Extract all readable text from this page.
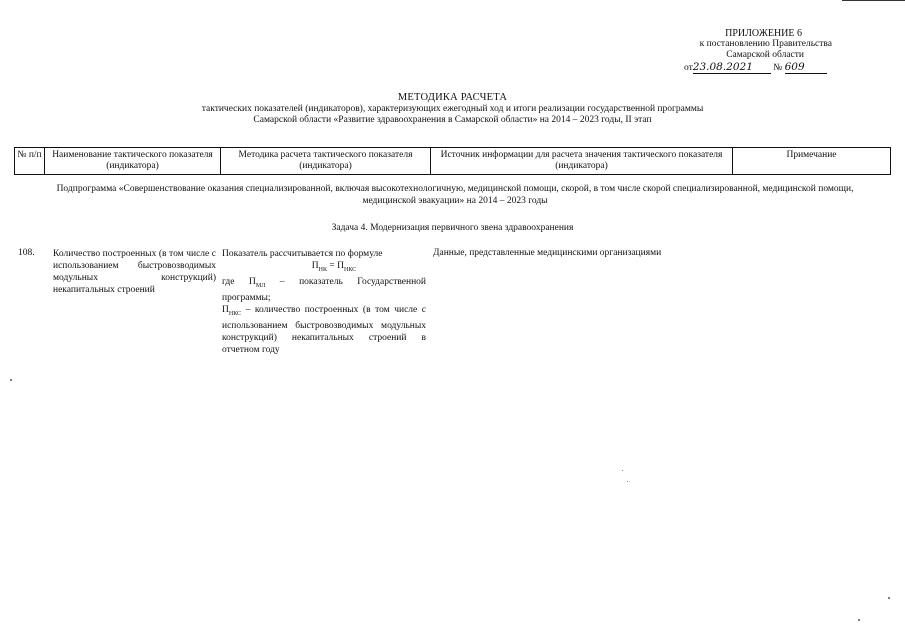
ПРИЛОЖЕНИЕ 6
к постановлению Правительства
Самарской области
от23.08.2021 № 609
МЕТОДИКА РАСЧЕТА
тактических показателей (индикаторов), характеризующих ежегодный ход и итоги реализации государственной программы
Самарской области «Развитие здравоохранения в Самарской области» на 2014 – 2023 годы, II этап
№ п/п	Наименование тактического показателя (индикатора)
Методика расчета тактического показателя (индикатора)
Источник информации для расчета значения тактического показателя (индикатора)
Примечание
Подпрограмма «Совершенствование оказания специализированной, включая высокотехнологичную, медицинской помощи, скорой, в том числе скорой специализированной, медицинской помощи, медицинской эвакуации» на 2014 – 2023 годы
Задача 4. Модернизация первичного звена здравоохранения
108. Количество построенных (в том числе с использованием быстровозводимых модульных конструкций) некапитальных строений
Показатель рассчитывается по формуле
$П_{НК} = П_{НКС}$
где $П_{МЛ}$ – показатель Государственной программы;
$П_{НКС}$ – количество построенных (в том числе с использованием быстровозводимых модульных конструкций) некапитальных строений в отчетном году
Данные, представленные медицинскими организациями
